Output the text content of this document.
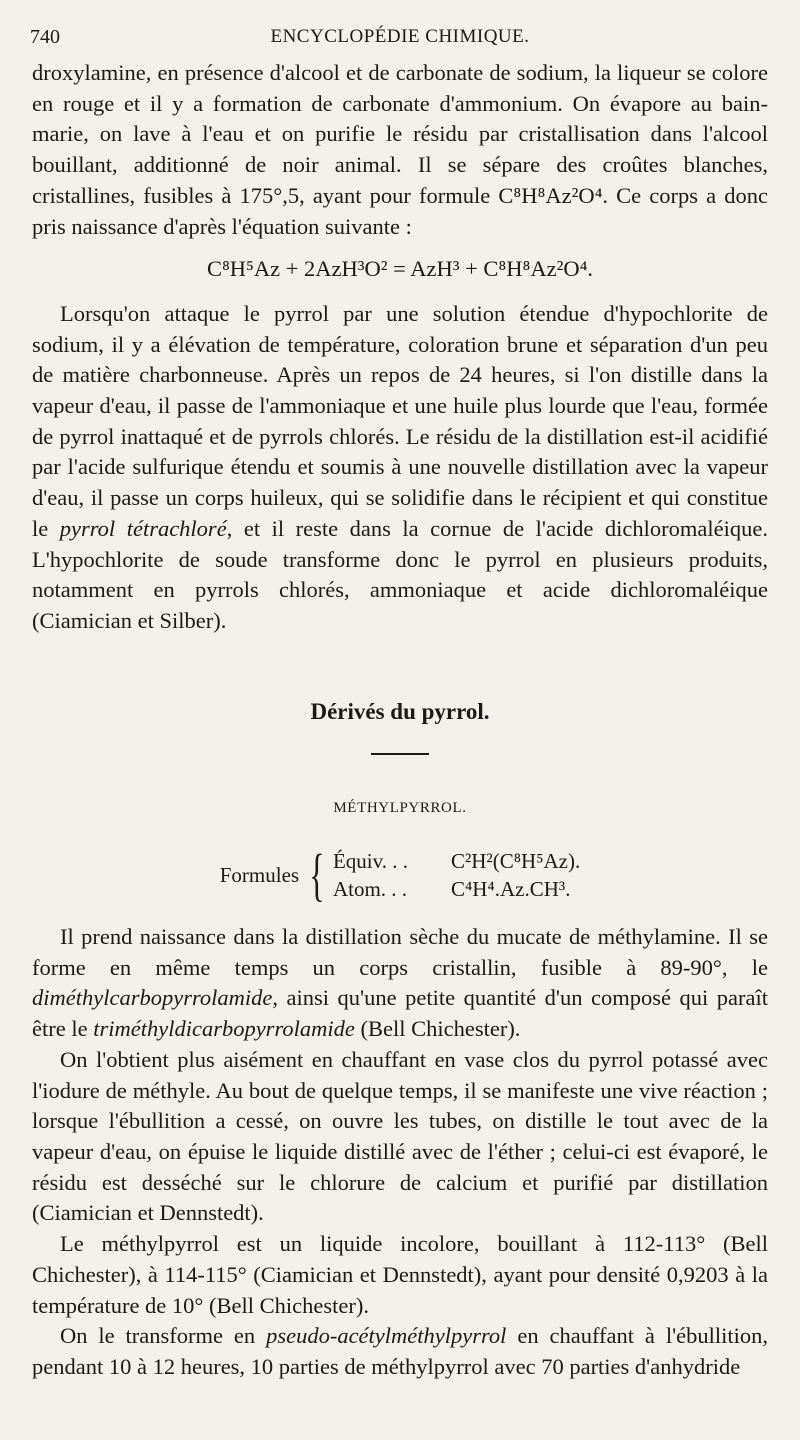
740	ENCYCLOPÉDIE CHIMIQUE.

droxylamine, en présence d'alcool et de carbonate de sodium, la liqueur se colore en rouge et il y a formation de carbonate d'ammonium. On évapore au bain-marie, on lave à l'eau et on purifie le résidu par cristallisation dans l'alcool bouillant, additionné de noir animal. Il se sépare des croûtes blanches, cristallines, fusibles à 175°,5, ayant pour formule C⁸H⁸Az²O⁴. Ce corps a donc pris naissance d'après l'équation suivante :

C⁸H⁵Az + 2AzH³O² = AzH³ + C⁸H⁸Az²O⁴.

Lorsqu'on attaque le pyrrol par une solution étendue d'hypochlorite de sodium, il y a élévation de température, coloration brune et séparation d'un peu de matière charbonneuse. Après un repos de 24 heures, si l'on distille dans la vapeur d'eau, il passe de l'ammoniaque et une huile plus lourde que l'eau, formée de pyrrol inattaqué et de pyrrols chlorés. Le résidu de la distillation est-il acidifié par l'acide sulfurique étendu et soumis à une nouvelle distillation avec la vapeur d'eau, il passe un corps huileux, qui se solidifie dans le récipient et qui constitue le pyrrol tétrachloré, et il reste dans la cornue de l'acide dichloromaléique. L'hypochlorite de soude transforme donc le pyrrol en plusieurs produits, notamment en pyrrols chlorés, ammoniaque et acide dichloromaléique (Ciamician et Silber).

Dérivés du pyrrol.

MÉTHYLPYRROL.

Formules { Équiv. . .	C²H²(C⁸H⁵Az).
Atom. . .	C⁴H⁴.Az.CH³.

Il prend naissance dans la distillation sèche du mucate de méthylamine. Il se forme en même temps un corps cristallin, fusible à 89-90°, le diméthylcarbopyrrolamide, ainsi qu'une petite quantité d'un composé qui paraît être le triméthyldicarbopyrrolamide (Bell Chichester).

On l'obtient plus aisément en chauffant en vase clos du pyrrol potassé avec l'iodure de méthyle. Au bout de quelque temps, il se manifeste une vive réaction ; lorsque l'ébullition a cessé, on ouvre les tubes, on distille le tout avec de la vapeur d'eau, on épuise le liquide distillé avec de l'éther ; celui-ci est évaporé, le résidu est desséché sur le chlorure de calcium et purifié par distillation (Ciamician et Dennstedt).

Le méthylpyrrol est un liquide incolore, bouillant à 112-113° (Bell Chichester), à 114-115° (Ciamician et Dennstedt), ayant pour densité 0,9203 à la température de 10° (Bell Chichester).

On le transforme en pseudo-acétylméthylpyrrol en chauffant à l'ébullition, pendant 10 à 12 heures, 10 parties de méthylpyrrol avec 70 parties d'anhydride
